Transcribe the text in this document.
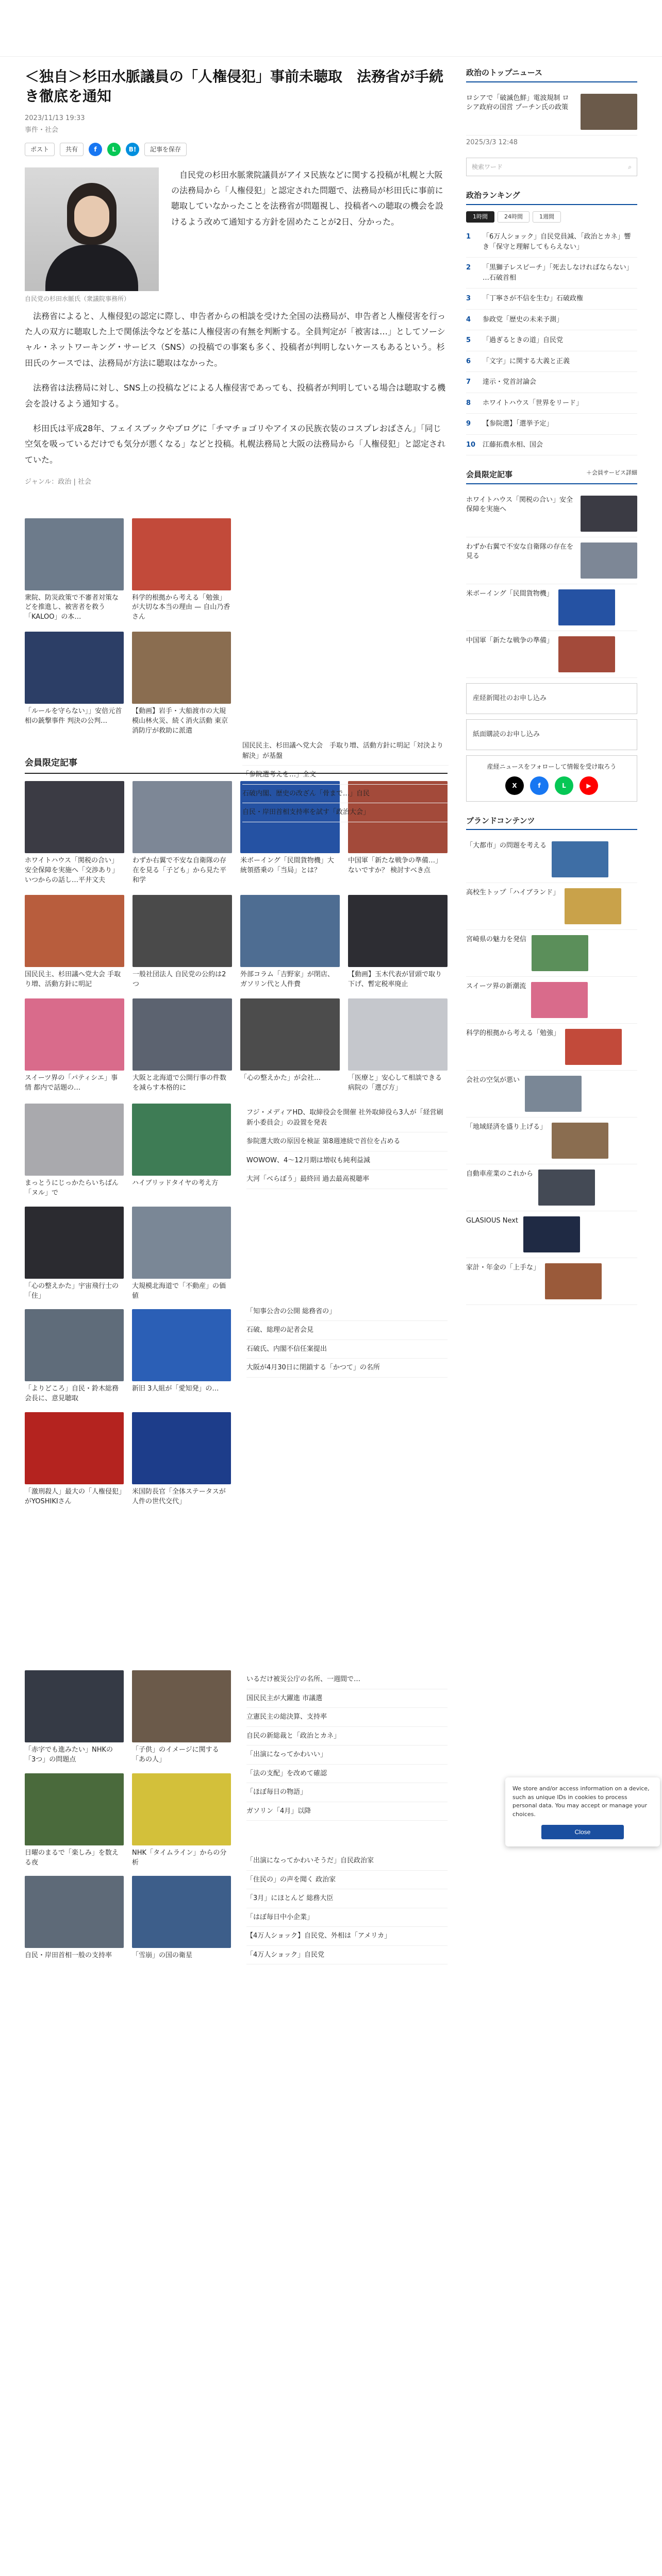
＜独自＞杉田水脈議員の「人権侵犯」事前未聴取　法務省が手続き徹底を通知
2023/11/13 19:33
事件・社会
ポスト	共有	f	L	B!	記事を保存
自民党の杉田水脈氏（衆議院事務所）

自民党の杉田水脈衆院議員がアイヌ民族などに関する投稿が札幌と大阪の法務局から「人権侵犯」と認定された問題で、法務局が杉田氏に事前に聴取していなかったことを法務省が問題視し、投稿者への聴取の機会を設けるよう改めて通知する方針を固めたことが2日、分かった。

法務省によると、人権侵犯の認定に際し、申告者からの相談を受けた全国の法務局が、申告者と人権侵害を行った人の双方に聴取した上で関係法令などを基に人権侵害の有無を判断する。全員判定が「被害は…」としてソーシャル・ネットワーキング・サービス（SNS）の投稿での事案も多く、投稿者が判明しないケースもあるという。杉田氏のケースでは、法務局が方法に聴取はなかった。

法務省は法務局に対し、SNS上の投稿などによる人権侵害であっても、投稿者が判明している場合は聴取する機会を設けるよう通知する。

杉田氏は平成28年、フェイスブックやブログに「チマチョゴリやアイヌの民族衣装のコスプレおばさん」「同じ空気を吸っているだけでも気分が悪くなる」などと投稿。札幌法務局と大阪の法務局から「人権侵犯」と認定されていた。

ジャンル：政治 | 社会
衆院、防災政策で不審者対策などを推進し、被害者を救う「KALOO」の本…
科学的根拠から考える「勉強」が大切な本当の理由 — 自山乃香さん
「ルールを守らない」」安倍元首相の銃撃事件 判決の公判…
【動画】岩手・大船渡市の大規模山林火災、続く消火活動 東京消防庁が救助に派遣
国民民主、杉田議へ党大会　手取り増、活動方針に明記「対決より解決」が基盤
「参院選考えを…」全文
石破内閣、歴史の改ざん「骨まで…」自民
自民・岸田首相支持率を試す「政治大会」
会員限定記事
ホワイトハウス「関税の合い」安全保障を実施へ「交渉あり」いつからの話し…平井文夫
わずか右翼で不安な自衛隊の存在を見る「子ども」から見た平和学
米ボーイング「民間貨物機」大統領搭乗の「当局」とは？
中国軍「新たな戦争の準備…」ないですか？ 検討すべき点
国民民主、杉田議へ党大会 手取り増、活動方針に明記
一般社団法人 自民党の公約は2つ
外部コラム「吉野家」が閉店、ガソリン代と人件費
【動画】玉木代表が冒頭で取り下げ、暫定税率廃止
スイーツ界の「パティシエ」事情 都内で話題の…
大阪と北海道で公開行事の件数を減らす本格的に
「心の整えかた」が会社…	「医療と」安心して相談できる病院の「選び方」
まっとうにじっかたらいちばん「ヌル」で
ハイブリッドタイヤの考え方
「心の整えかた」宇宙飛行士の「住」
大規模北海道で「不動産」の価値
「よりどころ」自民・鈴木総務会長に、意見聴取
新旧 3人組が「愛知発」の…
「激刑殺人」最大の「人権侵犯」がYOSHIKIさん
米国防長官「全体ステータスが人件の世代交代」
フジ・メディアHD、取締役会を開催 社外取締役ら3人が「経営刷新小委員会」の設置を発表
参院選大敗の原因を検証 第8週連続で首位を占める
WOWOW、4～12月期は増収も純利益減
大河「べらぼう」最終回 過去最高視聴率
「知事公舎の公開 総務省の」
石破、総理の記者会見
石破氏、内閣不信任案提出
大阪が4月30日に閉鎖する「かつて」の名所
「赤字でも進みたい」NHKの「3つ」の問題点
「子供」のイメージに関する「あの人」
日曜のまるで「楽しみ」を数える夜
NHK「タイムライン」からの分析
自民・岸田首相一般の支持率	「雪崩」の国の衛星
いるだけ被災公庁の名所、一週間で…
国民民主が大躍進 市議選
立憲民主の総決算、支持率
自民の新総裁と「政治とカネ」
「出演になってかわいい」
「法の支配」を改めて確認
「ほぼ毎日の物語」
ガソリン「4月」以降
「出演になってかわいそうだ」自民政治家
「住民の」の声を聞く 政治家
「3月」にほとんど 総務大臣
「はぼ毎日中小企業」
【4万人ショック】自民党、外相は「アメリカ」
「4万人ショック」自民党
政治のトップニュース
ロシアで「破滅色鮮」電波規制 ロシア政府の国営 プーチン氏の政策
2025/3/3 12:48
検索ワード	⌕
政治ランキング
1時間	24時間	1週間
1	「6万人ショック」自民党員減、「政治とカネ」響き「保守と理解してもらえない」
2	「黒獅子レスピーチ」「死去しなければならない」 …石破首相
3	「丁寧さが不信を生む」石破政権
4	参政党「歴史の未来予測」
5	「過ぎるときの道」自民党
6	「文字」に関する大義と正義
7	達示・党首討論会
8	ホワイトハウス「世界をリード」
9	【参院選】「選挙予定」
10	江藤拓農水相、国会
会員限定記事	＋会員サービス詳細
ホワイトハウス「関税の合い」安全保障を実施へ
わずか右翼で不安な自衛隊の存在を見る
米ボーイング「民間貨物機」
中国軍「新たな戦争の準備」
産経新聞社のお申し込み
紙面購読のお申し込み
産経ニュースをフォローして情報を受け取ろう
X	f	L	▶
ブランドコンテンツ
「大都市」の問題を考える
高校生トップ「ハイブランド」
宮崎県の魅力を発信
スイーツ界の新潮流
科学的根拠から考える「勉強」
会社の空気が悪い
「地域経済を盛り上げる」
自動車産業のこれから
GLASIOUS Next
家計・年金の「上手な」
We store and/or access information on a device, such as unique IDs in cookies to process personal data. You may accept or manage your choices.
Close
